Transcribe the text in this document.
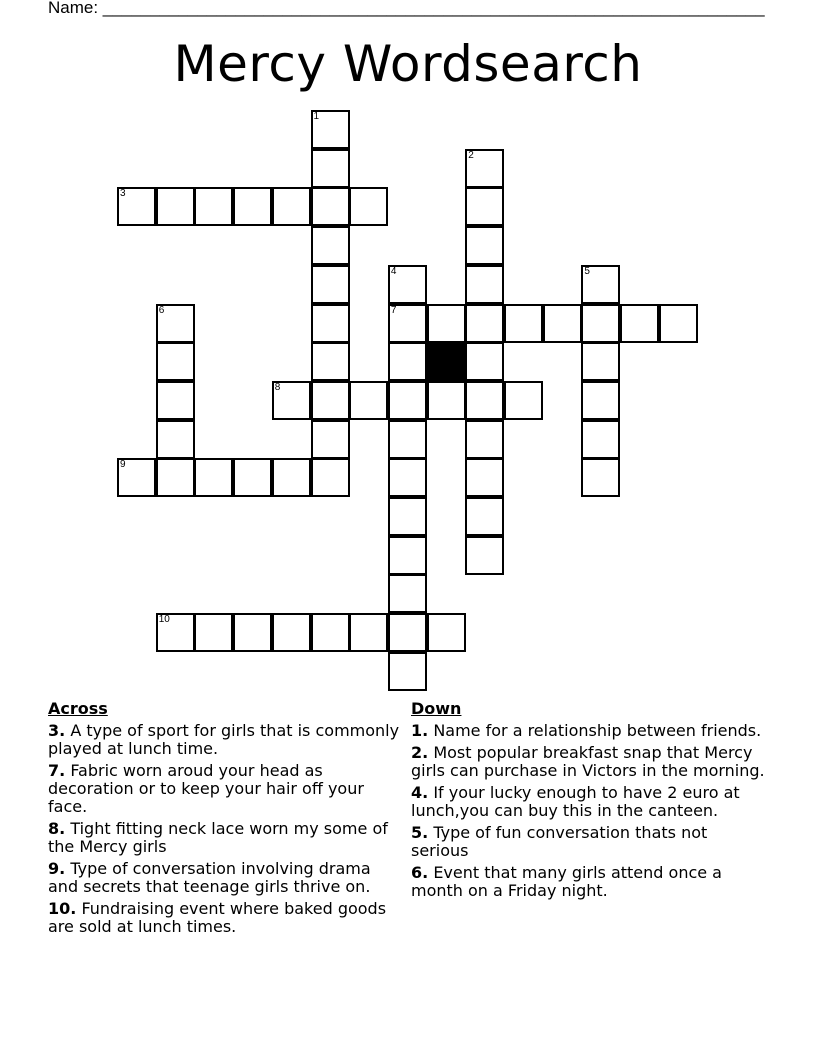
Name: ______________________________________________________________________
Mercy Wordsearch
1
2
3
4
7
5
6
8
9
10
Across
3. A type of sport for girls that is commonly played at lunch time.
7. Fabric worn aroud your head as decoration or to keep your hair off your face.
8. Tight fitting neck lace worn my some of the Mercy girls
9. Type of conversation involving drama and secrets that teenage girls thrive on.
10. Fundraising event where baked goods are sold at lunch times.
Down
1. Name for a relationship between friends.
2. Most popular breakfast snap that Mercy girls can purchase in Victors in the morning.
4. If your lucky enough to have 2 euro at lunch,you can buy this in the canteen.
5. Type of fun conversation thats not serious
6. Event that many girls attend once a month on a Friday night.
